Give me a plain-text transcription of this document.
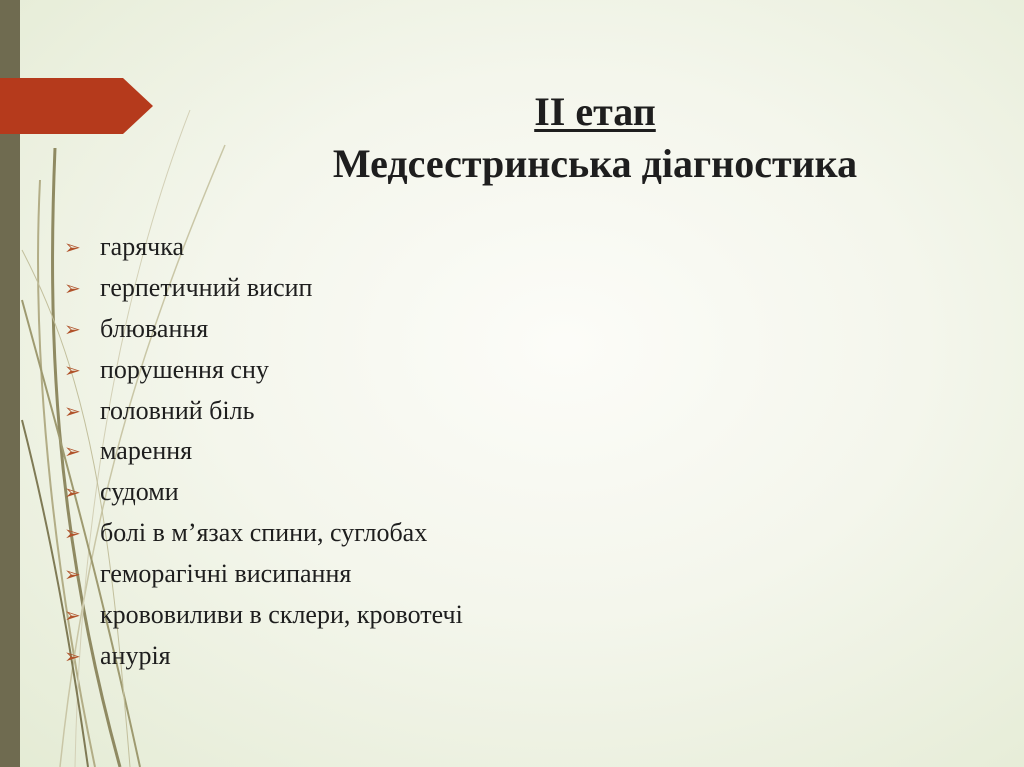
ІІ етап
Медсестринська діагностика
➢ гарячка
➢ герпетичний висип
➢ блювання
➢ порушення сну
➢ головний біль
➢ марення
➢ судоми
➢ болі в м’язах спини, суглобах
➢ геморагічні висипання
➢ крововиливи в склери, кровотечі
➢ анурія
